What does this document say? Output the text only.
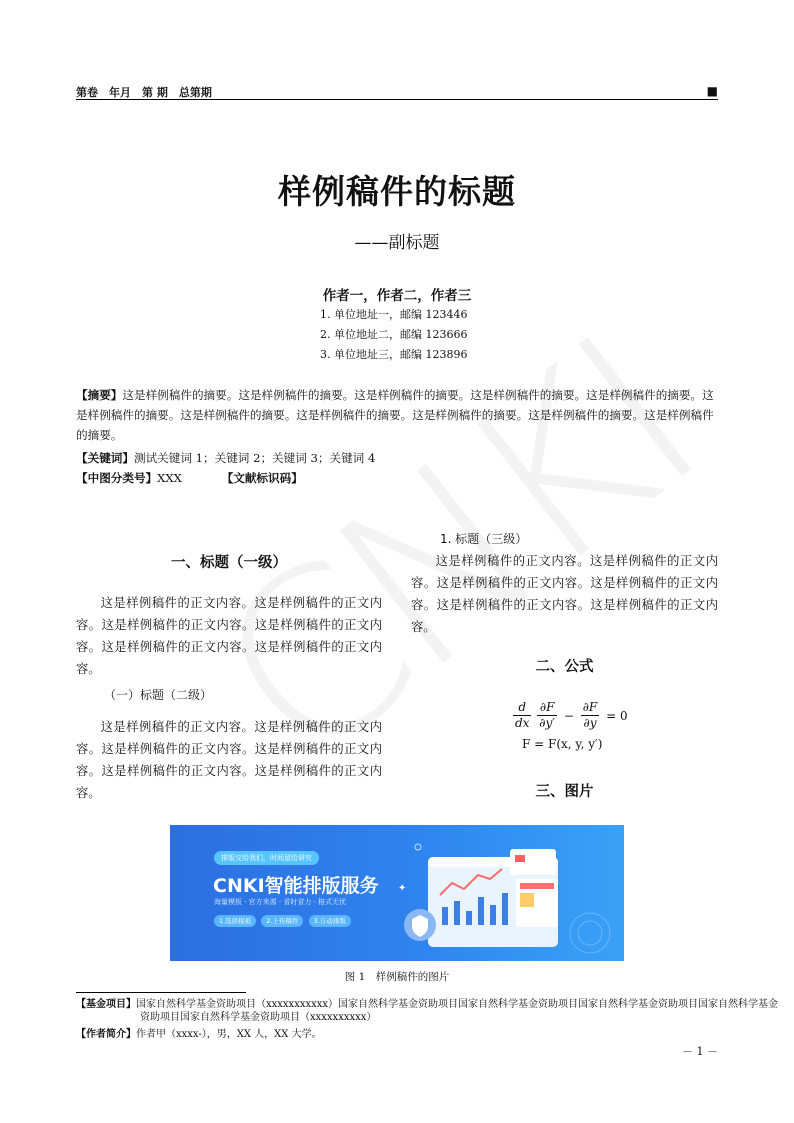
第卷　年月　第 期　总第期	■
样例稿件的标题
——副标题
作者一，作者二，作者三
1. 单位地址一，邮编 123446
2. 单位地址二，邮编 123666
3. 单位地址三，邮编 123896
【摘要】这是样例稿件的摘要。这是样例稿件的摘要。这是样例稿件的摘要。这是样例稿件的摘要。这是样例稿件的摘要。这是样例稿件的摘要。这是样例稿件的摘要。这是样例稿件的摘要。这是样例稿件的摘要。这是样例稿件的摘要。这是样例稿件的摘要。
【关键词】测试关键词 1；关键词 2；关键词 3；关键词 4
【中图分类号】XXX	【文献标识码】
一、标题（一级）
这是样例稿件的正文内容。这是样例稿件的正文内容。这是样例稿件的正文内容。这是样例稿件的正文内容。这是样例稿件的正文内容。这是样例稿件的正文内容。
（一）标题（二级）
这是样例稿件的正文内容。这是样例稿件的正文内容。这是样例稿件的正文内容。这是样例稿件的正文内容。这是样例稿件的正文内容。这是样例稿件的正文内容。
1. 标题（三级）
这是样例稿件的正文内容。这是样例稿件的正文内容。这是样例稿件的正文内容。这是样例稿件的正文内容。这是样例稿件的正文内容。这是样例稿件的正文内容。
二、公式
$\frac{d}{dx}$
$\frac{\partial F}{\partial y'} - \frac{\partial F}{\partial y} = 0$
F = F(x, y, y′)
三、图片
排版交给我们，时间留给研究
CNKI智能排版服务
海量模板 · 官方来源 · 省时省力 · 格式无忧
1.选择模板 2.上传稿件 3.自动排版
✦
图 1　样例稿件的图片
【基金项目】国家自然科学基金资助项目（xxxxxxxxxxx）国家自然科学基金资助项目国家自然科学基金资助项目国家自然科学基金资助项目国家自然科学基金资助项目国家自然科学基金资助项目（xxxxxxxxxx）
【作者简介】作者甲（xxxx-），男，XX 人，XX 大学。
－ 1 －
